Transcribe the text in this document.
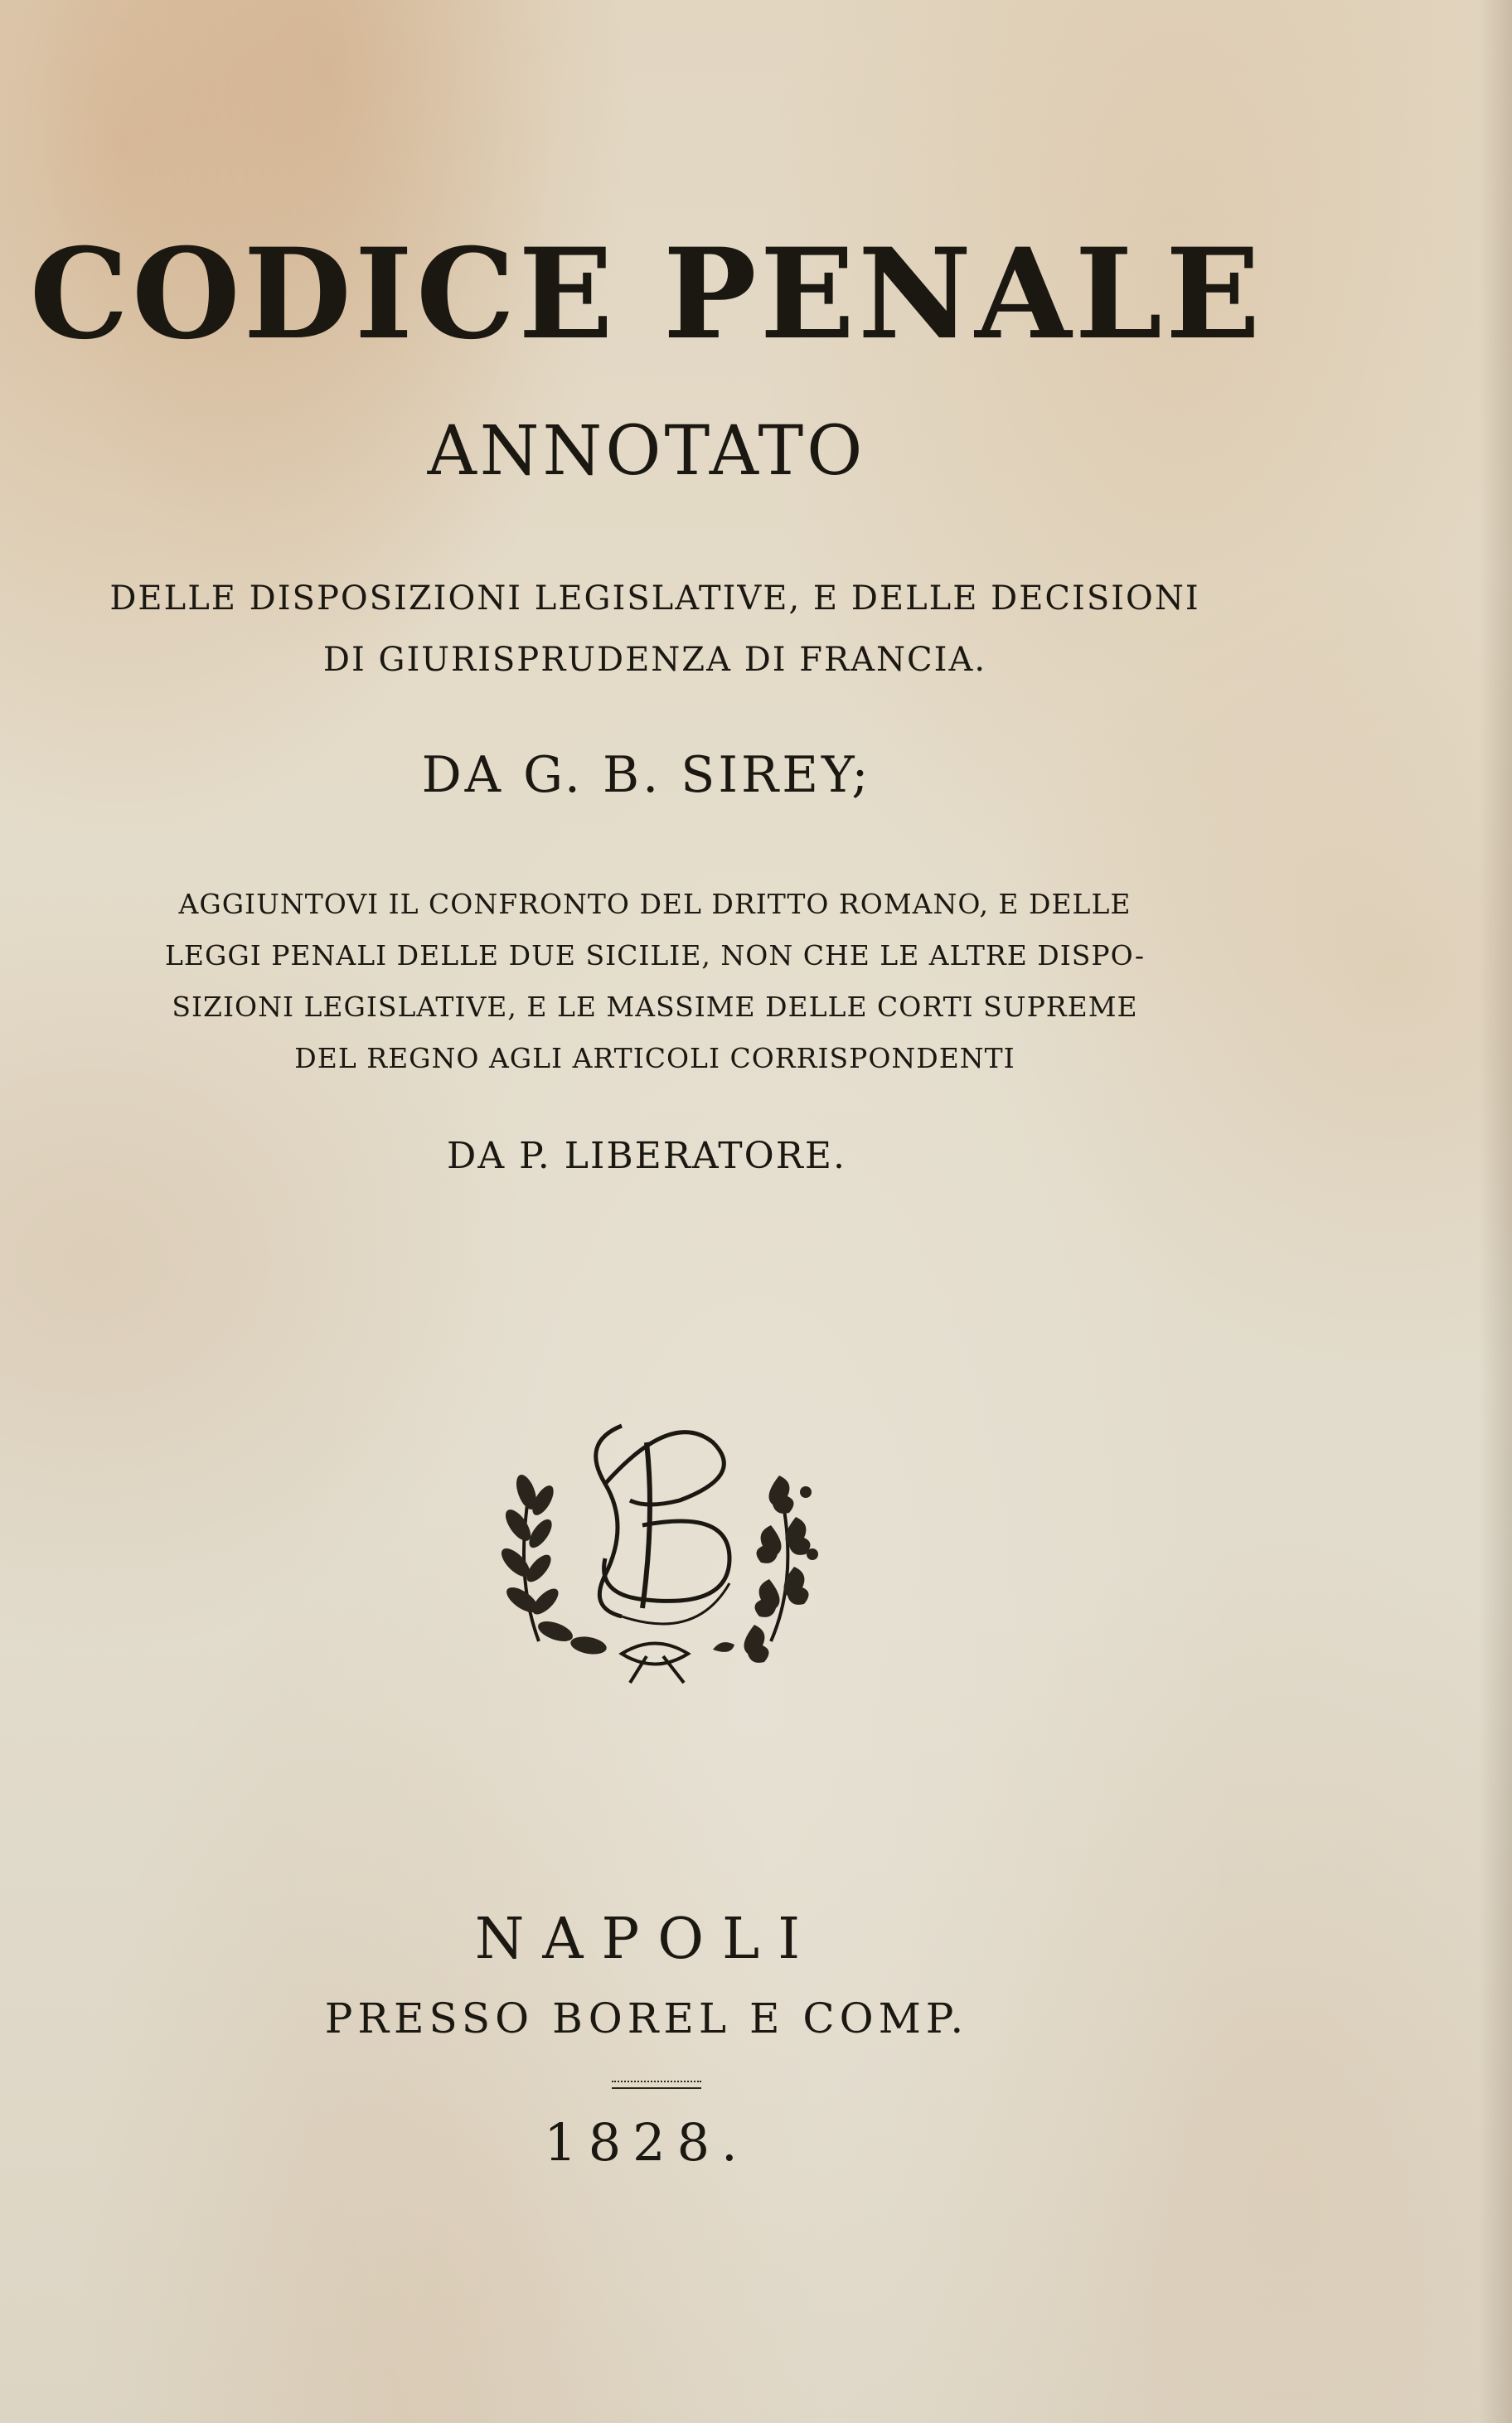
CODICE PENALE
ANNOTATO
DELLE DISPOSIZIONI LEGISLATIVE, E DELLE DECISIONI
DI GIURISPRUDENZA DI FRANCIA.
DA G. B. SIREY;
AGGIUNTOVI IL CONFRONTO DEL DRITTO ROMANO, E DELLE
LEGGI PENALI DELLE DUE SICILIE, NON CHE LE ALTRE DISPO-
SIZIONI LEGISLATIVE, E LE MASSIME DELLE CORTI SUPREME
DEL REGNO AGLI ARTICOLI CORRISPONDENTI
DA P. LIBERATORE.
NAPOLI
PRESSO BOREL E COMP.
1828.
